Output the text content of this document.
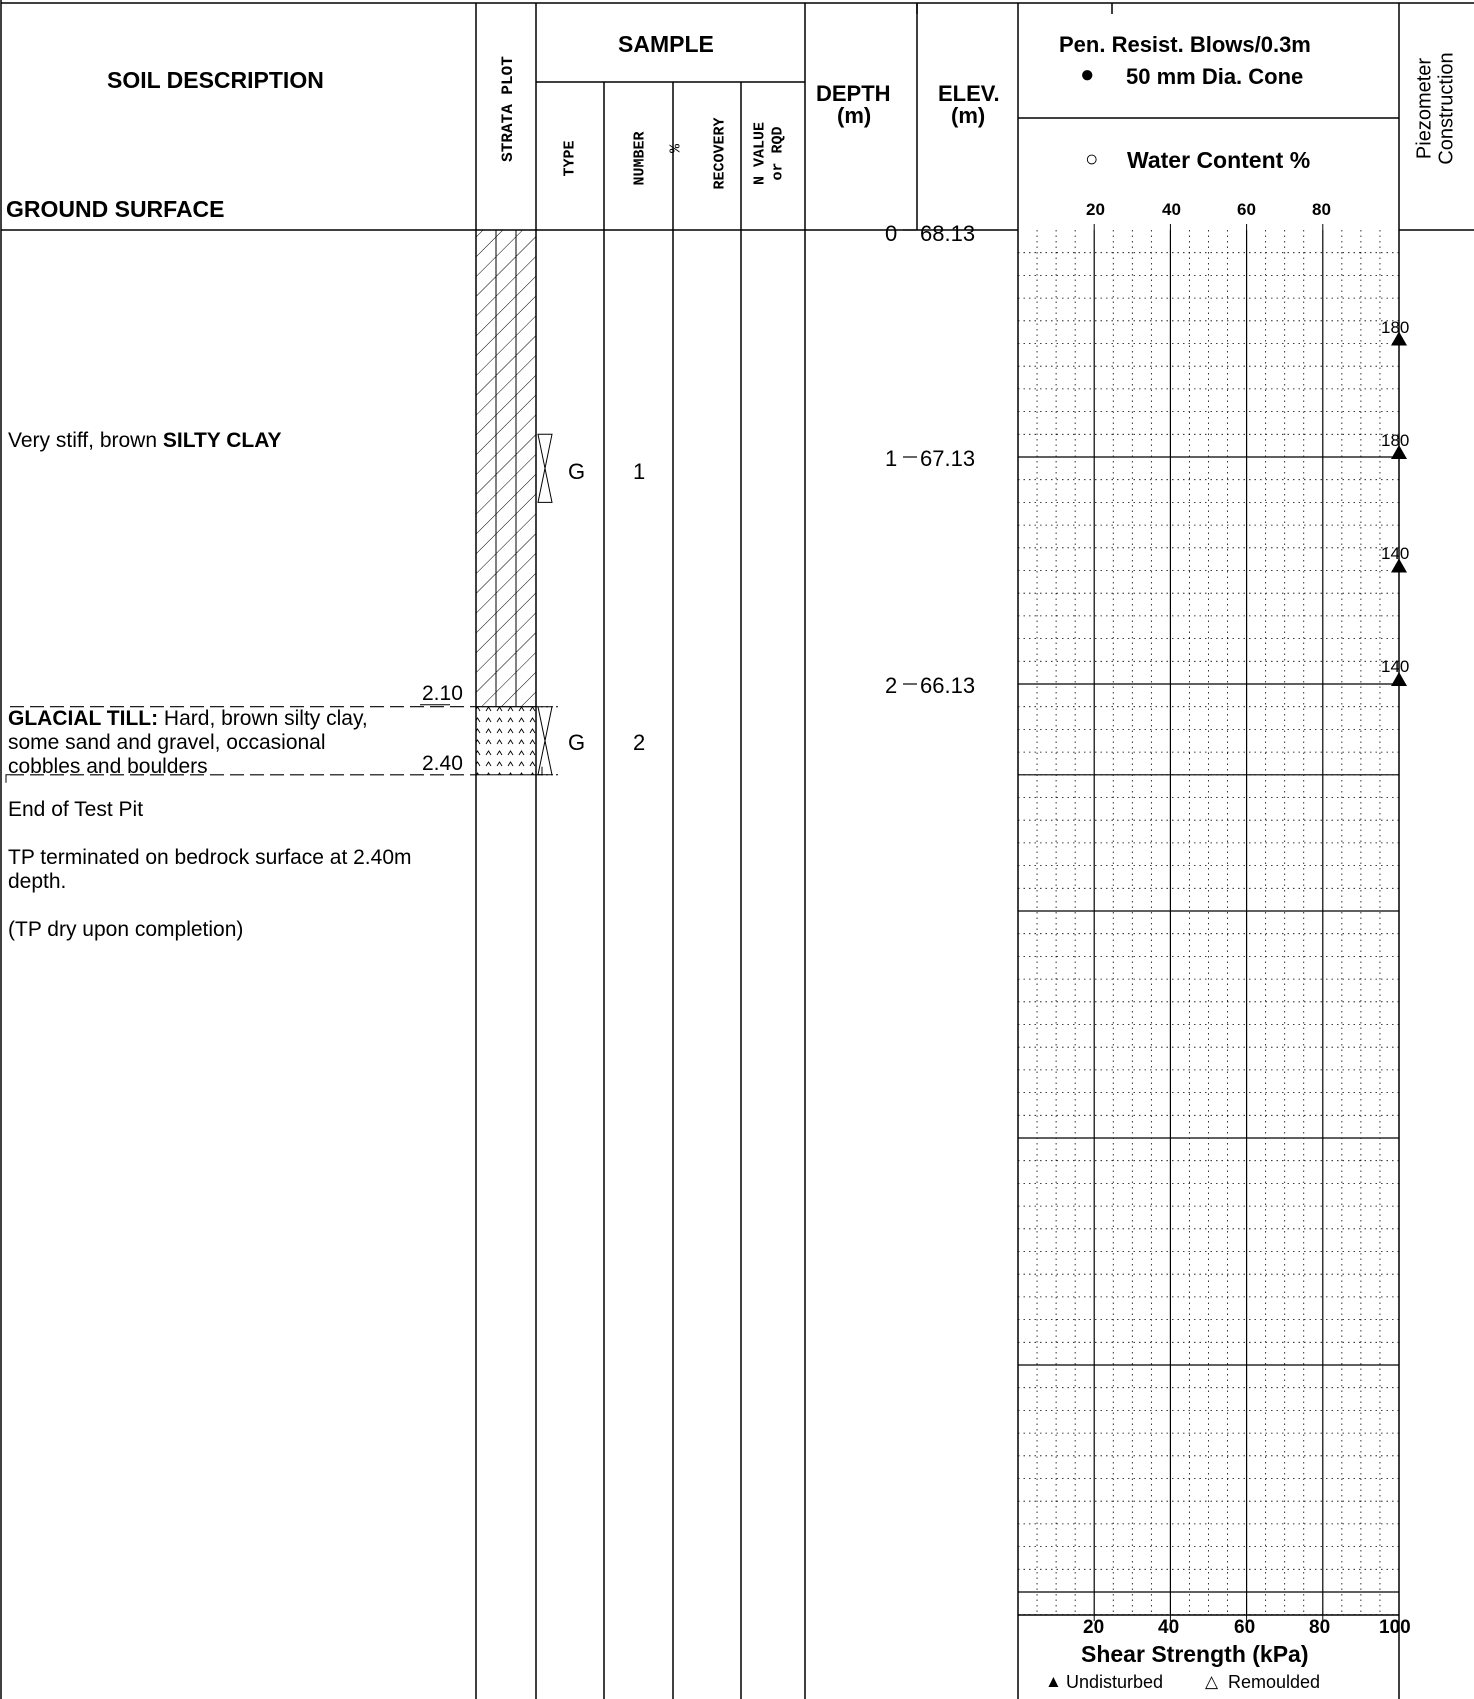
SOIL DESCRIPTION
GROUND SURFACE
STRATA PLOT
SAMPLE
TYPE	NUMBER % RECOVERY N VALUE or RQD
DEPTH
(m)
ELEV.
(m)
Pen. Resist. Blows/0.3m
● 50 mm Dia. Cone
○ Water Content %
Piezometer Construction
20	40	60	80
Very stiff, brown SILTY CLAY
2.10
GLACIAL TILL: Hard, brown silty clay, some sand and gravel, occasional cobbles and boulders	2.40
End of Test Pit
TP terminated on bedrock surface at 2.40m depth.
(TP dry upon completion)
G 1
G 2
0 68.13
1 67.13
2 66.13
180
180
140
140
20	40	60	80	100
Shear Strength (kPa)
▲ Undisturbed △ Remoulded
